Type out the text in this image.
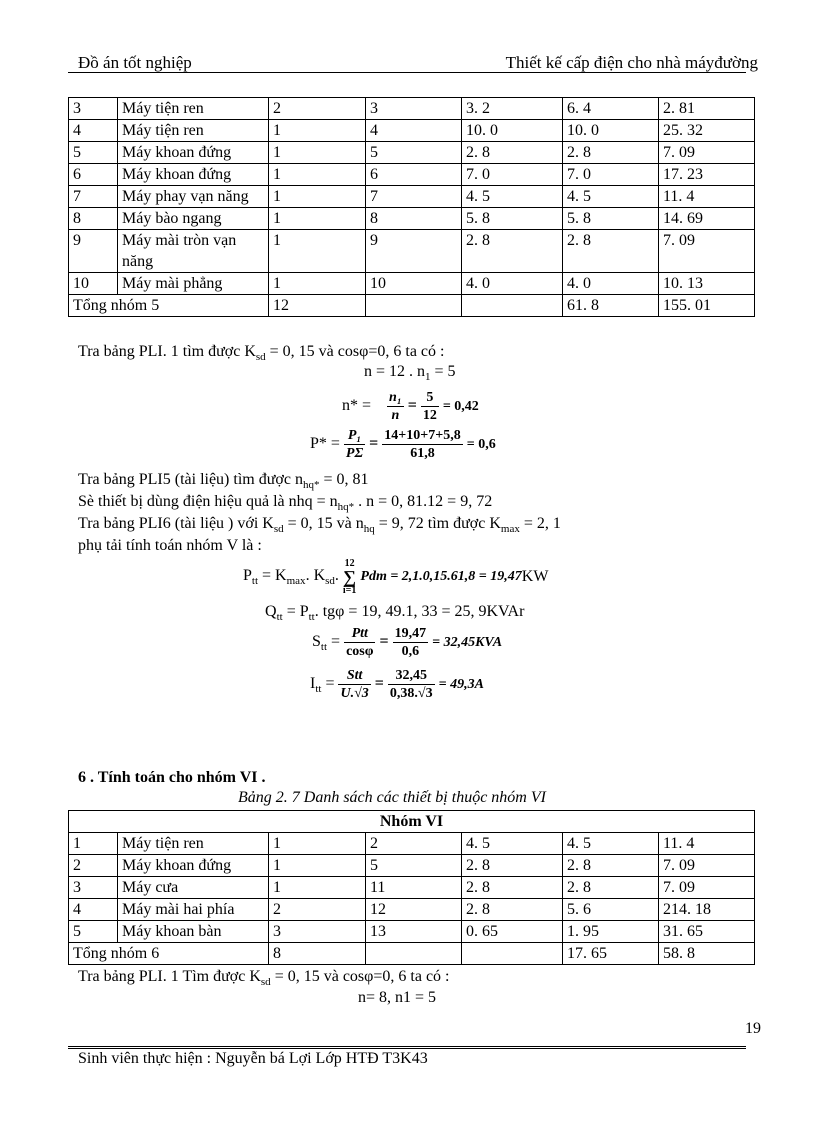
Đồ án tốt nghiệp	Thiết kế cấp điện cho nhà máyđường
3	Máy tiện ren	2	3	3. 2	6. 4	2. 81
4	Máy tiện ren	1	4	10. 0	10. 0	25. 32
5	Máy khoan đứng	1	5	2. 8	2. 8	7. 09
6	Máy khoan đứng	1	6	7. 0	7. 0	17. 23
7	Máy phay vạn năng	1	7	4. 5	4. 5	11. 4
8	Máy bào ngang	1	8	5. 8	5. 8	14. 69
9	Máy mài tròn vạn năng	1	9	2. 8	2. 8	7. 09
10	Máy mài phẳng	1	10	4. 0	4. 0	10. 13
Tổng nhóm 5		12			61. 8	155. 01
Tra bảng PLI. 1 tìm được $K_{sd} = 0$, 15 và cosφ=0, 6 ta có :
n = 12 . $n_1 = 5$
$n* = \frac{\text{n₁}}{n} = \frac{5}{12} = 0,42$
$P* = \frac{\text{P₁}}{P\Sigma} = \frac{14+10+7+5,8}{61,8} = 0,6$
Tra bảng PLI5 (tài liệu) tìm được $n_{hq*} = 0$, 81
Sè thiết bị dùng điện hiệu quả là nhq = $n_{hq*}$ . n = 0, 81.12 = 9, 72
Tra bảng PLI6 (tài liệu ) với $K_{sd} = 0$, 15 và $n_{hq} = 9$, 72 tìm được $K_{max} = 2$, 1
phụ tải tính toán nhóm V là :
$P_{tt} = K_{max}$. $K_{sd}$.
12
∑
i=1
Pdm = 2,1.0,15.61,8 = 19,47KW
$Q_{tt} = P_{tt}$. tgφ = 19, 49.1, 33 = 25, 9KVAr
$S_{tt} = \frac{\text{Ptt}}{\cos\varphi} = \frac{19,47}{0,6} = 32,45KVA$
$I_{tt} = \frac{\text{Stt}}{U.√3} = \frac{32,45}{0,38.√3} = 49,3A$
6 . Tính toán cho nhóm VI .
Bảng 2. 7 Danh sách các thiết bị thuộc nhóm VI
Nhóm VI						
1	Máy tiện ren	1	2	4. 5	4. 5	11. 4
2	Máy khoan đứng	1	5	2. 8	2. 8	7. 09
3	Máy cưa	1	11	2. 8	2. 8	7. 09
4	Máy mài hai phía	2	12	2. 8	5. 6	214. 18
5	Máy khoan bàn	3	13	0. 65	1. 95	31. 65
Tổng nhóm 6		8			17. 65	58. 8
Tra bảng PLI. 1 Tìm được $K_{sd} = 0$, 15 và cosφ=0, 6 ta có :
n= 8, n1 = 5
19
Sinh viên thực hiện : Nguyễn bá Lợi Lớp HTĐ T3K43
